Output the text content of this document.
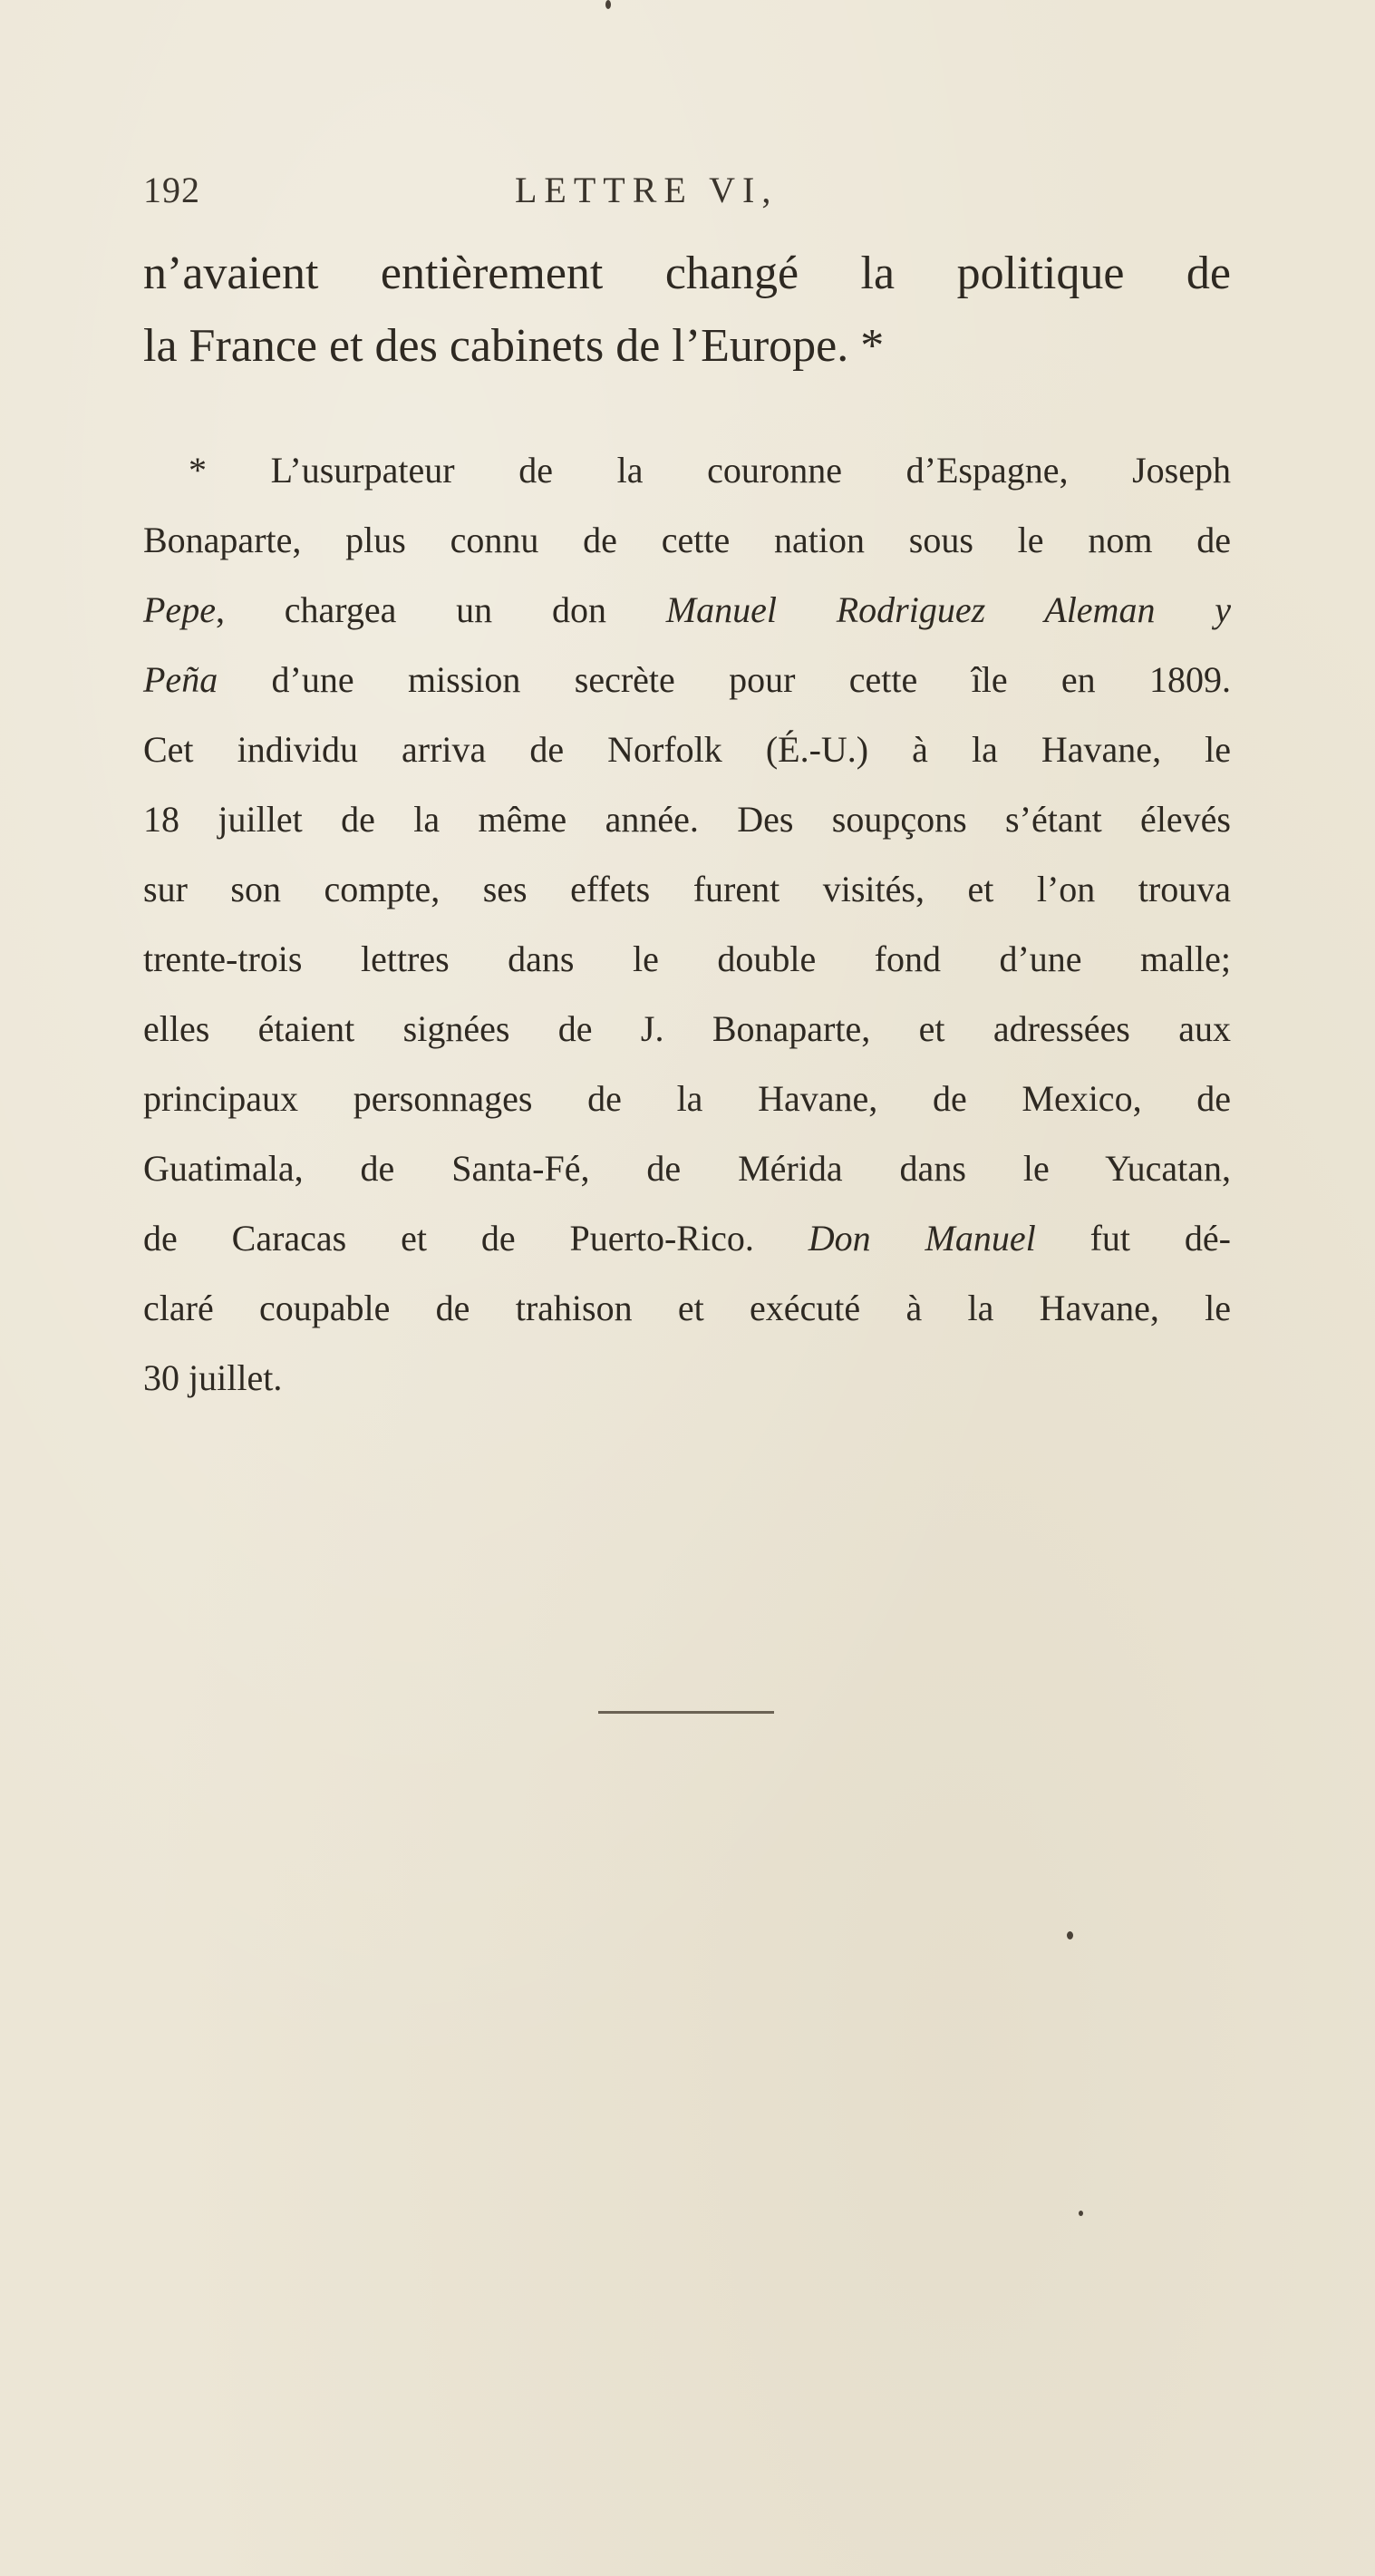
192	LETTRE VI,

n’avaient entièrement changé la politique de

la France et des cabinets de l’Europe. *

* L’usurpateur de la couronne d’Espagne, Joseph
Bonaparte, plus connu de cette nation sous le nom de
Pepe, chargea un don Manuel Rodriguez Aleman y
Peña d’une mission secrète pour cette île en 1809.
Cet individu arriva de Norfolk (É.-U.) à la Havane, le
18 juillet de la même année. Des soupçons s’étant élevés
sur son compte, ses effets furent visités, et l’on trouva
trente-trois lettres dans le double fond d’une malle;
elles étaient signées de J. Bonaparte, et adressées aux
principaux personnages de la Havane, de Mexico, de
Guatimala, de Santa-Fé, de Mérida dans le Yucatan,
de Caracas et de Puerto-Rico. Don Manuel fut dé-
claré coupable de trahison et exécuté à la Havane, le
30 juillet.
